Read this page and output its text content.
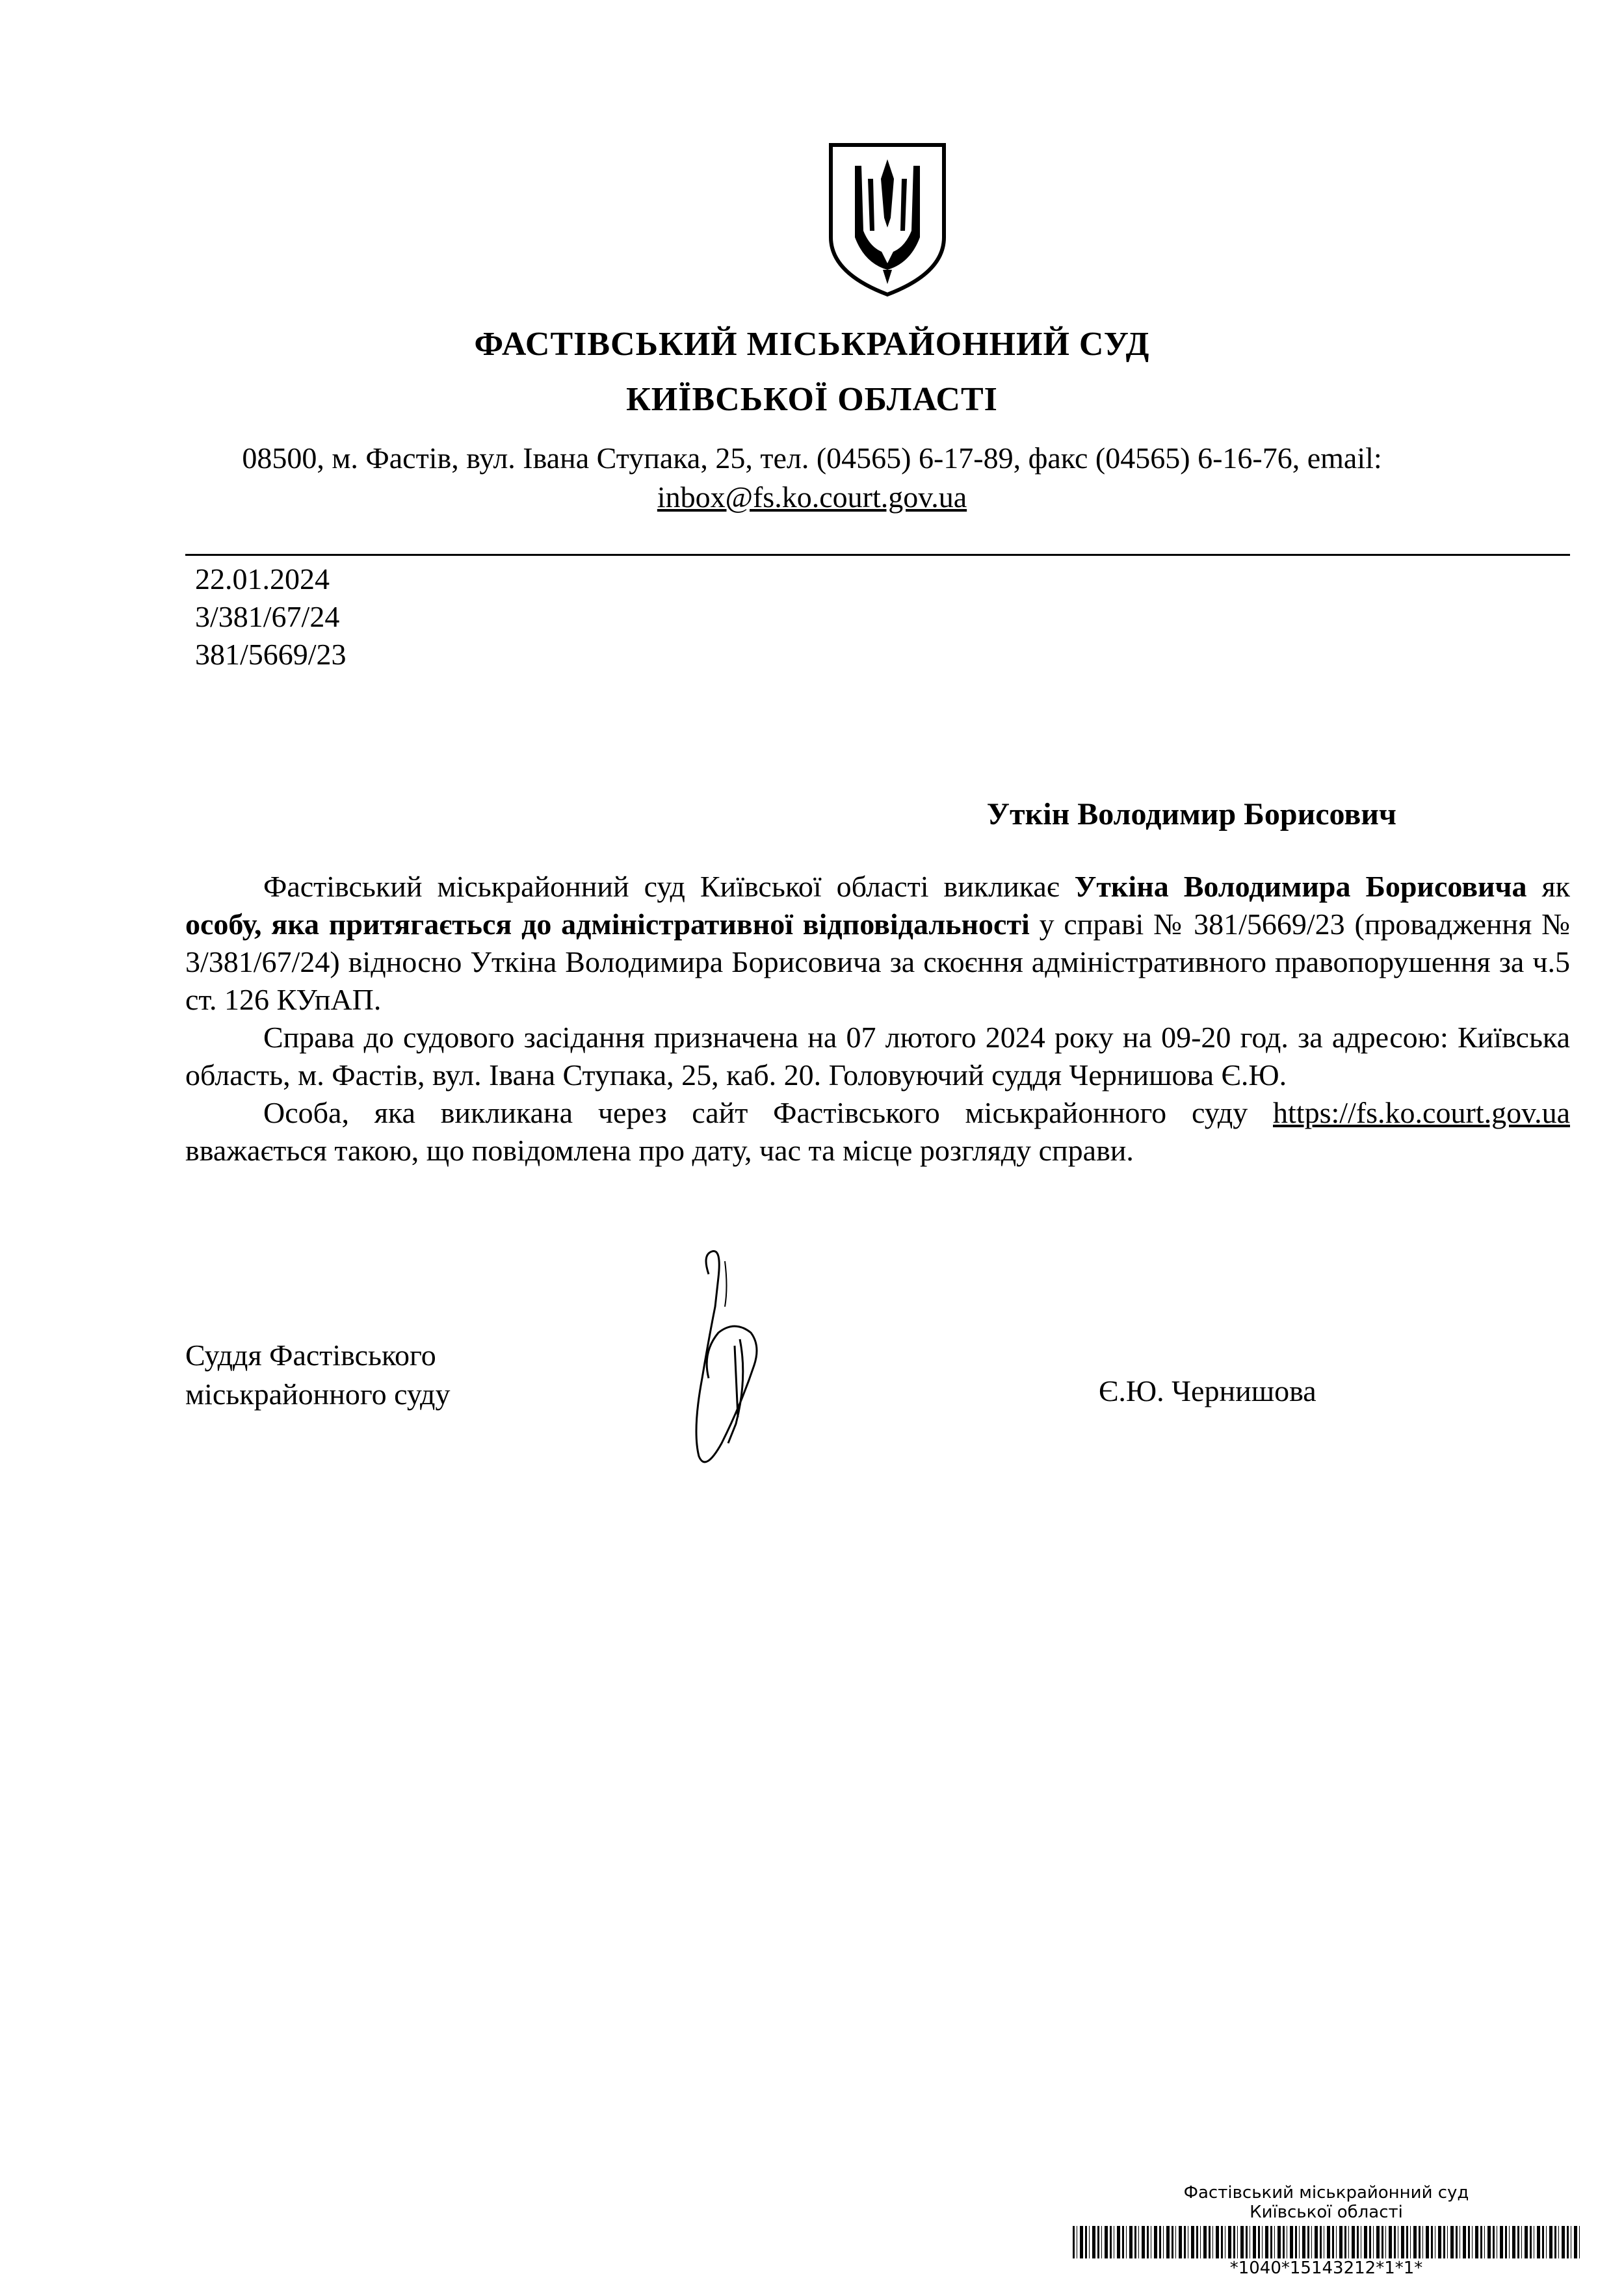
ФАСТІВСЬКИЙ МІСЬКРАЙОННИЙ СУД
КИЇВСЬКОЇ ОБЛАСТІ
08500, м. Фастів, вул. Івана Ступака, 25, тел. (04565) 6-17-89, факс (04565) 6-16-76, email:
inbox@fs.ko.court.gov.ua
22.01.2024
3/381/67/24
381/5669/23
Уткін Володимир Борисович

Фастівський міськрайонний суд Київської області викликає Уткіна Володимира Борисовича як особу, яка притягається до адміністративної відповідальності у справі № 381/5669/23 (провадження № 3/381/67/24) відносно Уткіна Володимира Борисовича за скоєння адміністративного правопорушення за ч.5 ст. 126 КУпАП.

Справа до судового засідання призначена на 07 лютого 2024 року на 09-20 год. за адресою: Київська область, м. Фастів, вул. Івана Ступака, 25, каб. 20. Головуючий суддя Чернишова Є.Ю.

Особа, яка викликана через сайт Фастівського міськрайонного суду https://fs.ko.court.gov.ua вважається такою, що повідомлена про дату, час та місце розгляду справи.

Суддя Фастівського
міськрайонного суду	Є.Ю. Чернишова
Фастівський міськрайонний суд
Київської області
*1040*15143212*1*1*
